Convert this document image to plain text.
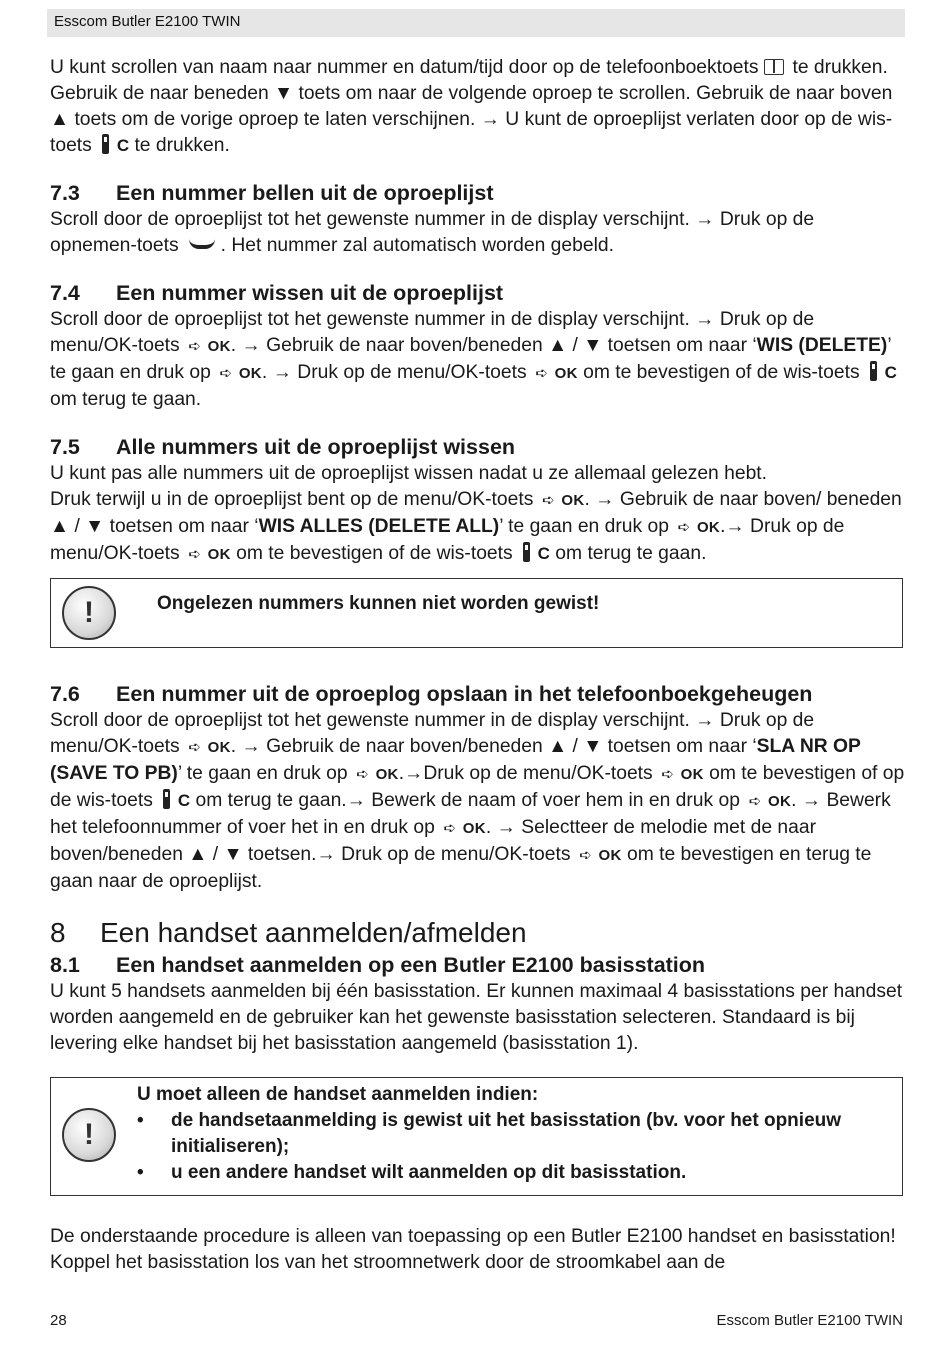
Esscom Butler E2100 TWIN

U kunt scrollen van naam naar nummer en datum/tijd door op de telefoonboektoets te drukken. Gebruik de naar beneden ▼ toets om naar de volgende oproep te scrollen. Gebruik de naar boven ▲ toets om de vorige oproep te laten verschijnen. → U kunt de oproeplijst verlaten door op de wis-toets C te drukken.

7.3	Een nummer bellen uit de oproeplijst

Scroll door de oproeplijst tot het gewenste nummer in de display verschijnt. → Druk op de opnemen-toets . Het nummer zal automatisch worden gebeld.

7.4	Een nummer wissen uit de oproeplijst

Scroll door de oproeplijst tot het gewenste nummer in de display verschijnt. → Druk op de menu/OK-toets ➪ OK. → Gebruik de naar boven/beneden ▲ / ▼ toetsen om naar ‘WIS (DELETE)’ te gaan en druk op ➪ OK. → Druk op de menu/OK-toets ➪ OK om te bevestigen of de wis-toets C om terug te gaan.

7.5	Alle nummers uit de oproeplijst wissen

U kunt pas alle nummers uit de oproeplijst wissen nadat u ze allemaal gelezen hebt.
Druk terwijl u in de oproeplijst bent op de menu/OK-toets ➪ OK. → Gebruik de naar boven/ beneden ▲ / ▼ toetsen om naar ‘WIS ALLES (DELETE ALL)’ te gaan en druk op ➪ OK.→ Druk op de menu/OK-toets ➪ OK om te bevestigen of de wis-toets C om terug te gaan.

!	Ongelezen nummers kunnen niet worden gewist!
7.6	Een nummer uit de oproeplog opslaan in het telefoonboekgeheugen

Scroll door de oproeplijst tot het gewenste nummer in de display verschijnt. → Druk op de menu/OK-toets ➪ OK. → Gebruik de naar boven/beneden ▲ / ▼ toetsen om naar ‘SLA NR OP (SAVE TO PB)’ te gaan en druk op ➪ OK.→Druk op de menu/OK-toets ➪ OK om te bevestigen of op de wis-toets C om terug te gaan.→ Bewerk de naam of voer hem in en druk op ➪ OK. → Bewerk het telefoonnummer of voer het in en druk op ➪ OK. → Selectteer de melodie met de naar boven/beneden ▲ / ▼ toetsen.→ Druk op de menu/OK-toets ➪ OK om te bevestigen en terug te gaan naar de oproeplijst.

8	Een handset aanmelden/afmelden
8.1	Een handset aanmelden op een Butler E2100 basisstation

U kunt 5 handsets aanmelden bij één basisstation. Er kunnen maximaal 4 basisstations per handset worden aangemeld en de gebruiker kan het gewenste basisstation selecteren. Standaard is bij levering elke handset bij het basisstation aangemeld (basisstation 1).

!
U moet alleen de handset aanmelden indien:
•	de handsetaanmelding is gewist uit het basisstation (bv. voor het opnieuw initialiseren);
•	u een andere handset wilt aanmelden op dit basisstation.

De onderstaande procedure is alleen van toepassing op een Butler E2100 handset en basisstation! Koppel het basisstation los van het stroomnetwerk door de stroomkabel aan de

28	Esscom Butler E2100 TWIN
